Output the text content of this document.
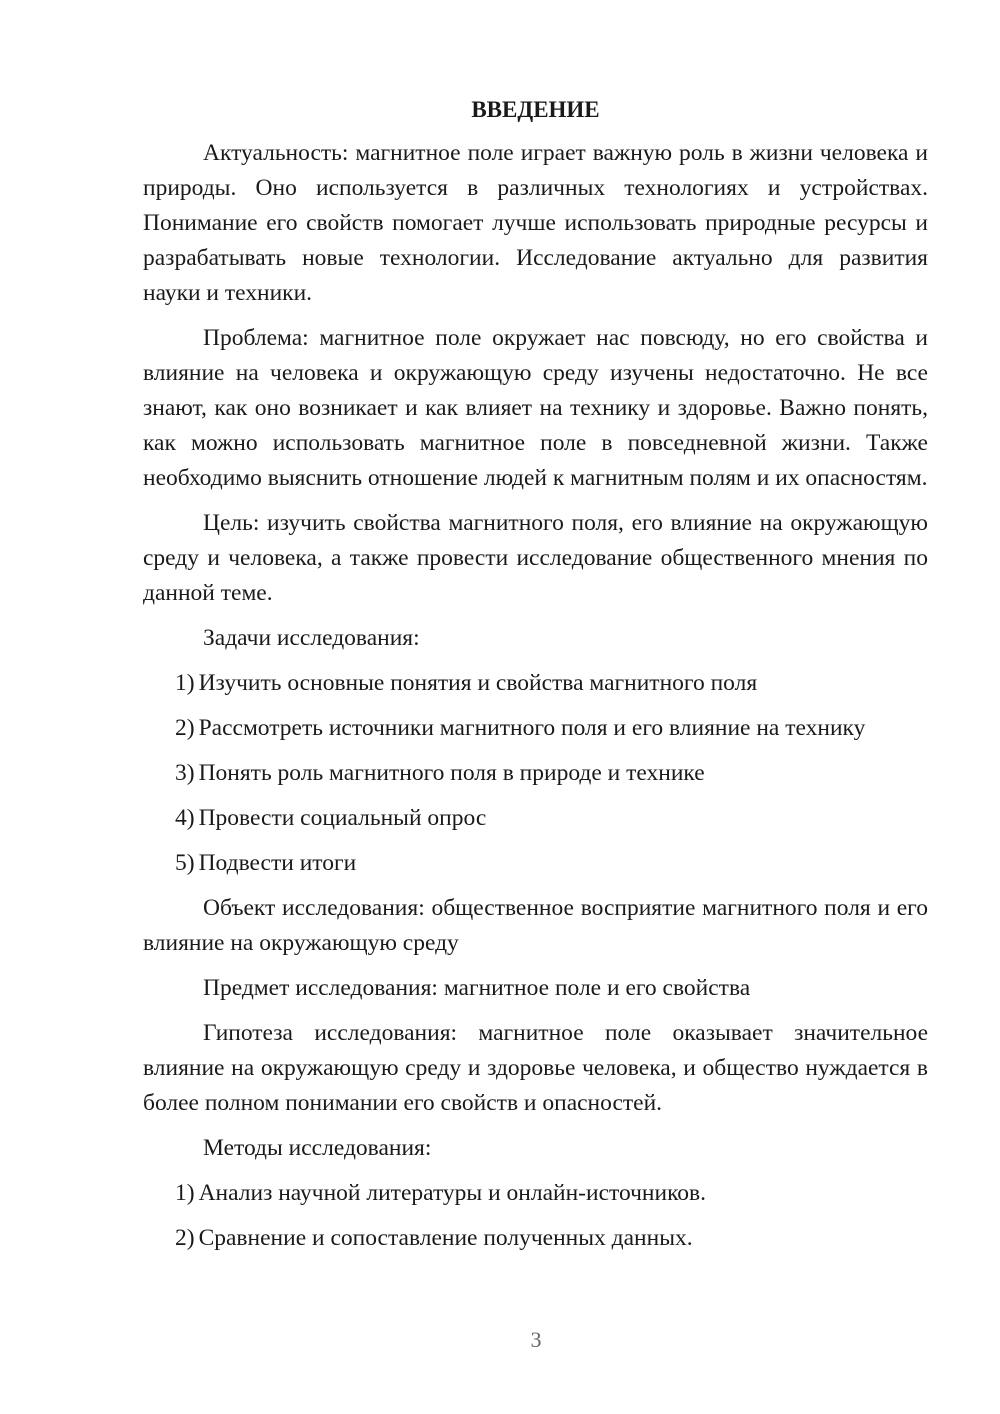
ВВЕДЕНИЕ

Актуальность: магнитное поле играет важную роль в жизни человека и природы. Оно используется в различных технологиях и устройствах. Понимание его свойств помогает лучше использовать природные ресурсы и разрабатывать новые технологии. Исследование актуально для развития науки и техники.

Проблема: магнитное поле окружает нас повсюду, но его свойства и влияние на человека и окружающую среду изучены недостаточно. Не все знают, как оно возникает и как влияет на технику и здоровье. Важно понять, как можно использовать магнитное поле в повседневной жизни. Также необходимо выяснить отношение людей к магнитным полям и их опасностям.

Цель: изучить свойства магнитного поля, его влияние на окружающую среду и человека, а также провести исследование общественного мнения по данной теме.

Задачи исследования:

1) Изучить основные понятия и свойства магнитного поля
2) Рассмотреть источники магнитного поля и его влияние на технику
3) Понять роль магнитного поля в природе и технике
4) Провести социальный опрос
5) Подвести итоги

Объект исследования: общественное восприятие магнитного поля и его влияние на окружающую среду

Предмет исследования: магнитное поле и его свойства

Гипотеза исследования: магнитное поле оказывает значительное влияние на окружающую среду и здоровье человека, и общество нуждается в более полном понимании его свойств и опасностей.

Методы исследования:

1) Анализ научной литературы и онлайн-источников.
2) Сравнение и сопоставление полученных данных.
3
